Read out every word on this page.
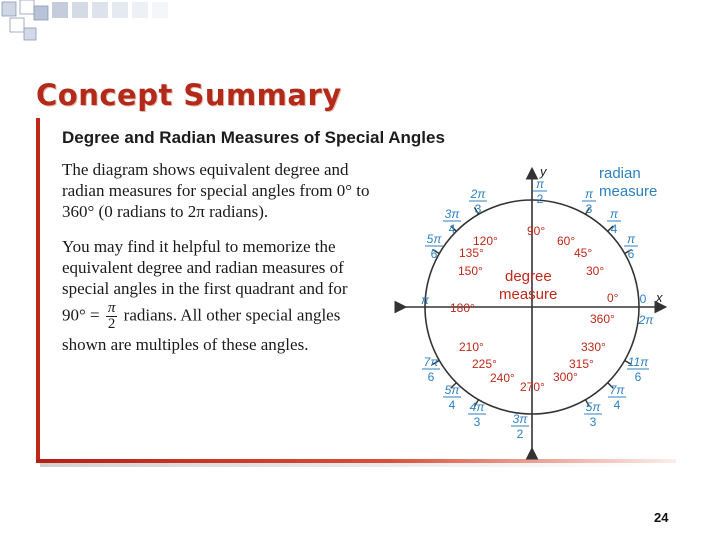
Concept Summary
Degree and Radian Measures of Special Angles
The diagram shows equivalent degree and radian measures for special angles from 0° to 360° (0 radians to 2π radians).
You may find it helpful to memorize the
equivalent degree and radian measures of
special angles in the first quadrant and for
$90^\circ = \frac{\pi}{2}$ radians. All other special angles
shown are multiples of these angles.
y
x
degree
measure
radian
measure
90°
60°
45°
30°
0°
360°
120°
135°
150°
180°
210°
225°
240°
270°
300°
315°
330°
π
2	π
3 π
4
π
6
0
2π
2π
3
3π
4
5π
6
π
7π
6
5π
4 4π
3	3π
2
5π
3
7π
4
11π
6
24
